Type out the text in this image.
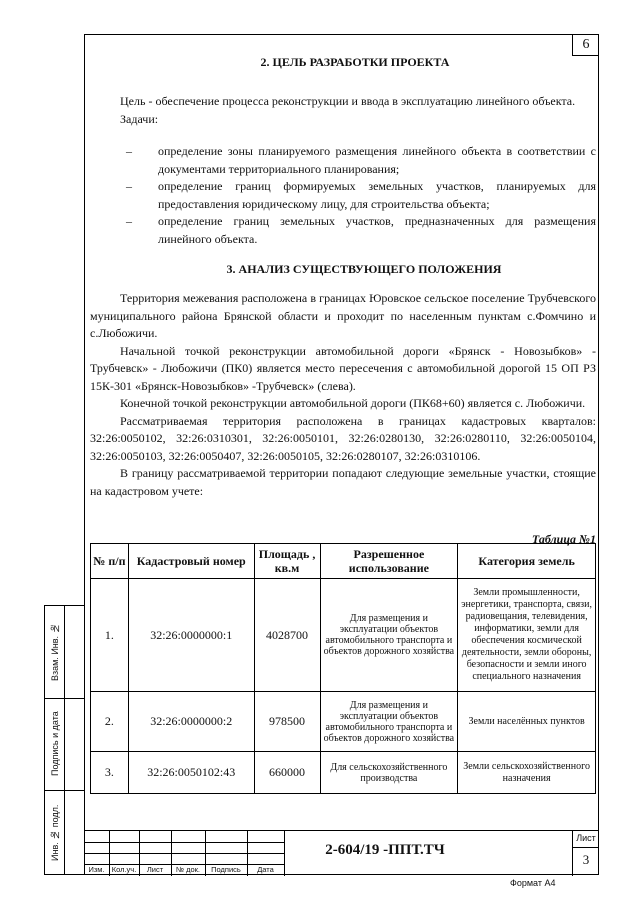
6
Взам. Инв. №
Подпись и дата
Инв. № подл.
2. ЦЕЛЬ РАЗРАБОТКИ ПРОЕКТА

Цель - обеспечение процесса реконструкции и ввода в эксплуатацию линейного объекта.

Задачи:

– определение зоны планируемого размещения линейного объекта в соответствии с документами территориального планирования;
– определение границ формируемых земельных участков, планируемых для предоставления юридическому лицу, для строительства объекта;
– определение границ земельных участков, предназначенных для размещения линейного объекта.
3. АНАЛИЗ СУЩЕСТВУЮЩЕГО ПОЛОЖЕНИЯ

Территория межевания расположена в границах Юровское сельское поселение Трубчевского муниципального района Брянской области и проходит по населенным пунктам с.Фомчино и с.Любожичи.

Начальной точкой реконструкции автомобильной дороги «Брянск - Новозыбков» - Трубчевск» - Любожичи (ПК0) является место пересечения с автомобильной дорогой 15 ОП РЗ 15К-301 «Брянск-Новозыбков» -Трубчевск» (слева).

Конечной точкой реконструкции автомобильной дороги (ПК68+60) является с. Любожичи.

Рассматриваемая территория расположена в границах кадастровых кварталов: 32:26:0050102, 32:26:0310301, 32:26:0050101, 32:26:0280130, 32:26:0280110, 32:26:0050104, 32:26:0050103, 32:26:0050407, 32:26:0050105, 32:26:0280107, 32:26:0310106.

В границу рассматриваемой территории попадают следующие земельные участки, стоящие на кадастровом учете:

Таблица №1
№ п/п	Кадастровый номер	Площадь , кв.м	Разрешенное использование	Категория земель
1.	32:26:0000000:1	4028700	Для размещения и эксплуатации объектов автомобильного транспорта и объектов дорожного хозяйства	Земли промышленности, энергетики, транспорта, связи, радиовещания, телевидения, информатики, земли для обеспечения космической деятельности, земли обороны, безопасности и земли иного специального назначения
2.	32:26:0000000:2	978500	Для размещения и эксплуатации объектов автомобильного транспорта и объектов дорожного хозяйства	Земли населённых пунктов
3.	32:26:0050102:43	660000	Для сельскохозяйственного производства	Земли сельскохозяйственного назначения
Изм. Кол.уч.	Лист	№ док.	Подпись	Дата
2-604/19 -ППТ.ТЧ
Лист
3
Формат А4
